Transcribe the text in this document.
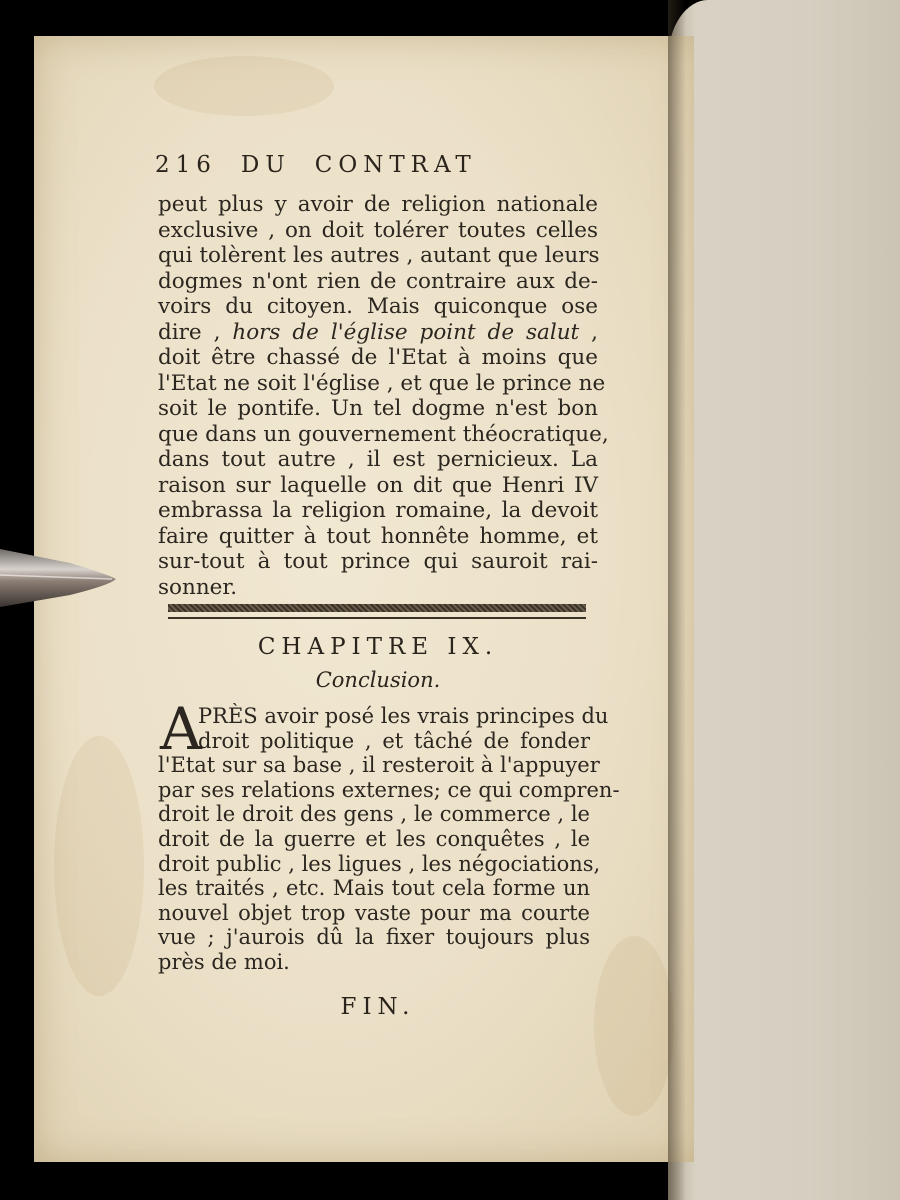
216 DU CONTRAT
peut plus y avoir de religion nationale
exclusive , on doit tolérer toutes celles
qui tolèrent les autres , autant que leurs
dogmes n'ont rien de contraire aux de-
voirs du citoyen. Mais quiconque ose
dire , hors de l'église point de salut ,
doit être chassé de l'Etat à moins que
l'Etat ne soit l'église , et que le prince ne
soit le pontife. Un tel dogme n'est bon
que dans un gouvernement théocratique,
dans tout autre , il est pernicieux. La
raison sur laquelle on dit que Henri IV
embrassa la religion romaine, la devoit
faire quitter à tout honnête homme, et
sur-tout à tout prince qui sauroit rai-
sonner.
CHAPITRE IX.
Conclusion.
A
PRÈS avoir posé les vrais principes du
droit politique , et tâché de fonder
l'Etat sur sa base , il resteroit à l'appuyer
par ses relations externes; ce qui compren-
droit le droit des gens , le commerce , le
droit de la guerre et les conquêtes , le
droit public , les ligues , les négociations,
les traités , etc. Mais tout cela forme un
nouvel objet trop vaste pour ma courte
vue ; j'aurois dû la fixer toujours plus
près de moi.
FIN.
